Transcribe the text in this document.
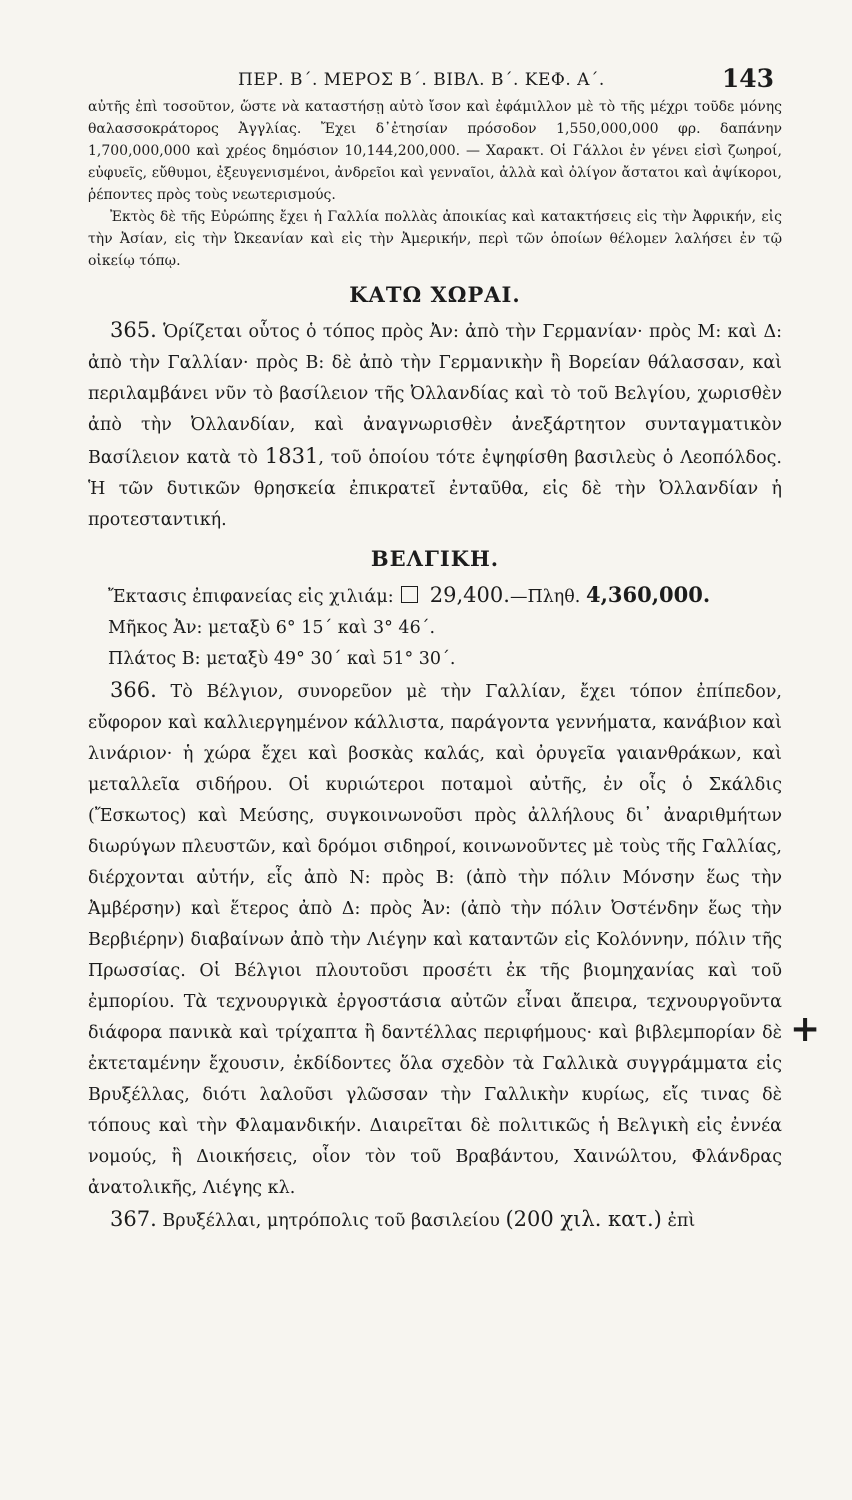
ΠΕΡ. Β΄. ΜΕΡΟΣ Β΄. ΒΙΒΛ. Β΄. ΚΕΦ. Α΄.	143

αὐτῆς ἐπὶ τοσοῦτον, ὥστε νὰ καταστήσῃ αὐτὸ ἴσον καὶ ἐφάμιλλον μὲ τὸ τῆς μέχρι τοῦδε μόνης θαλασσοκράτορος Ἀγγλίας. Ἔχει δ᾽ἐτησίαν πρόσοδον 1,550,000,000 φρ. δαπάνην 1,700,000,000 καὶ χρέος δημόσιον 10,144,200,000. — Χαρακτ. Οἱ Γάλλοι ἐν γένει εἰσὶ ζωηροί, εὐφυεῖς, εὔθυμοι, ἐξευγενισμένοι, ἀνδρεῖοι καὶ γενναῖοι, ἀλλὰ καὶ ὀλίγον ἄστατοι καὶ ἀψίκοροι, ῥέποντες πρὸς τοὺς νεωτερισμούς.

Ἐκτὸς δὲ τῆς Εὐρώπης ἔχει ἡ Γαλλία πολλὰς ἀποικίας καὶ κατακτήσεις εἰς τὴν Ἀφρικήν, εἰς τὴν Ἀσίαν, εἰς τὴν Ὠκεανίαν καὶ εἰς τὴν Ἀμερικήν, περὶ τῶν ὁποίων θέλομεν λαλήσει ἐν τῷ οἰκείῳ τόπῳ.

ΚΑΤΩ ΧΩΡΑΙ.

365. Ὁρίζεται οὗτος ὁ τόπος πρὸς Ἀν: ἀπὸ τὴν Γερμανίαν· πρὸς Μ: καὶ Δ: ἀπὸ τὴν Γαλλίαν· πρὸς Β: δὲ ἀπὸ τὴν Γερμανικὴν ἢ Βορείαν θάλασσαν, καὶ περιλαμβάνει νῦν τὸ βασίλειον τῆς Ὀλλανδίας καὶ τὸ τοῦ Βελγίου, χωρισθὲν ἀπὸ τὴν Ὀλλανδίαν, καὶ ἀναγνωρισθὲν ἀνεξάρτητον συνταγματικὸν Βασίλειον κατὰ τὸ 1831, τοῦ ὁποίου τότε ἐψηφίσθη βασιλεὺς ὁ Λεοπόλδος. Ἡ τῶν δυτικῶν θρησκεία ἐπικρατεῖ ἐνταῦθα, εἰς δὲ τὴν Ὀλλανδίαν ἡ προτεσταντική.

ΒΕΛΓΙΚΗ.
Ἔκτασις ἐπιφανείας εἰς χιλιάμ: 29,400.—Πληθ. 4,360,000.
Μῆκος Ἀν: μεταξὺ 6° 15΄ καὶ 3° 46΄.
Πλάτος Β: μεταξὺ 49° 30΄ καὶ 51° 30΄.

366. Τὸ Βέλγιον, συνορεῦον μὲ τὴν Γαλλίαν, ἔχει τόπον ἐπίπεδον, εὔφορον καὶ καλλιεργημένον κάλλιστα, παράγοντα γεννήματα, κανάβιον καὶ λινάριον· ἡ χώρα ἔχει καὶ βοσκὰς καλάς, καὶ ὀρυγεῖα γαιανθράκων, καὶ μεταλλεῖα σιδήρου. Οἱ κυριώτεροι ποταμοὶ αὐτῆς, ἐν οἷς ὁ Σκάλδις (Ἔσκωτος) καὶ Μεύσης, συγκοινωνοῦσι πρὸς ἀλλήλους δι᾽ ἀναριθμήτων διωρύγων πλευστῶν, καὶ δρόμοι σιδηροί, κοινωνοῦντες μὲ τοὺς τῆς Γαλλίας, διέρχονται αὐτήν, εἷς ἀπὸ Ν: πρὸς Β: (ἀπὸ τὴν πόλιν Μόνσην ἕως τὴν Ἀμβέρσην) καὶ ἕτερος ἀπὸ Δ: πρὸς Ἀν: (ἀπὸ τὴν πόλιν Ὀστένδην ἕως τὴν Βερβιέρην) διαβαίνων ἀπὸ τὴν Λιέγην καὶ καταντῶν εἰς Κολόννην, πόλιν τῆς Πρωσσίας. Οἱ Βέλγιοι πλουτοῦσι προσέτι ἐκ τῆς βιομηχανίας καὶ τοῦ ἐμπορίου. Τὰ τεχνουργικὰ ἐργοστάσια αὐτῶν εἶναι ἄπειρα, τεχνουργοῦντα διάφορα πανικὰ καὶ τρίχαπτα ἢ δαντέλλας περιφήμους· καὶ βιβλεμπορίαν δὲ ἐκτεταμένην ἔχουσιν, ἐκδίδοντες ὅλα σχεδὸν τὰ Γαλλικὰ συγγράμματα εἰς Βρυξέλλας, διότι λαλοῦσι γλῶσσαν τὴν Γαλλικὴν κυρίως, εἴς τινας δὲ τόπους καὶ τὴν Φλαμανδικήν. Διαιρεῖται δὲ πολιτικῶς ἡ Βελγικὴ εἰς ἐννέα νομούς, ἢ Διοικήσεις, οἷον τὸν τοῦ Βραβάντου, Χαινώλτου, Φλάνδρας ἀνατολικῆς, Λιέγης κλ.

367. Βρυξέλλαι, μητρόπολις τοῦ βασιλείου (200 χιλ. κατ.) ἐπὶ

+
